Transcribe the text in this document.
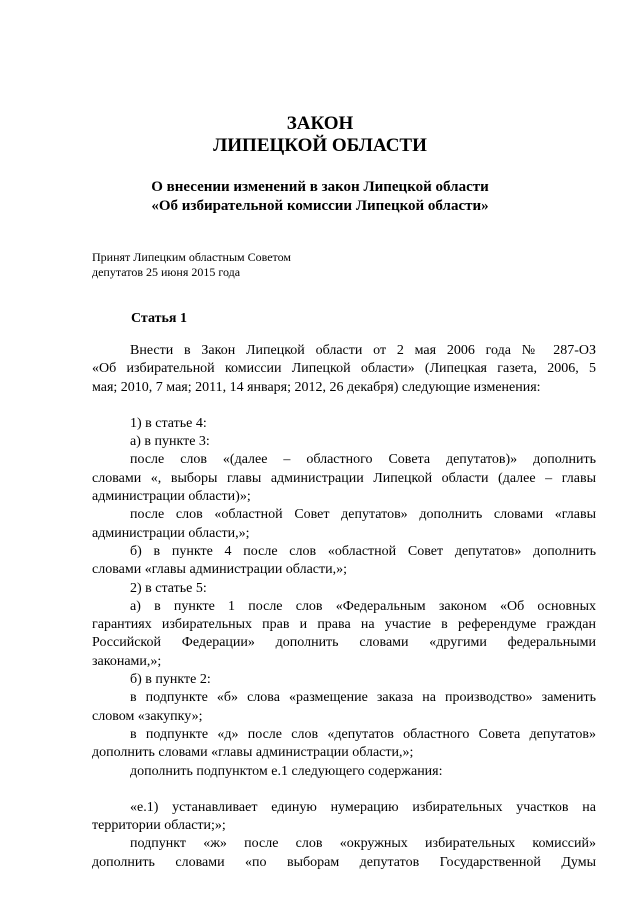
ЗАКОН
ЛИПЕЦКОЙ ОБЛАСТИ
О внесении изменений в закон Липецкой области
«Об избирательной комиссии Липецкой области»
Принят Липецким областным Советом
депутатов 25 июня 2015 года
Статья 1
Внести в Закон Липецкой области от 2 мая 2006 года № 287-ОЗ
«Об избирательной комиссии Липецкой области» (Липецкая газета, 2006, 5
мая; 2010, 7 мая; 2011, 14 января; 2012, 26 декабря) следующие изменения:
1) в статье 4:
а) в пункте 3:
после слов «(далее – областного Совета депутатов)» дополнить
словами «, выборы главы администрации Липецкой области (далее – главы
администрации области)»;
после слов «областной Совет депутатов» дополнить словами «главы
администрации области,»;
б) в пункте 4 после слов «областной Совет депутатов» дополнить
словами «главы администрации области,»;
2) в статье 5:
а) в пункте 1 после слов «Федеральным законом «Об основных
гарантиях избирательных прав и права на участие в референдуме граждан
Российской Федерации» дополнить словами «другими федеральными
законами,»;
б) в пункте 2:
в подпункте «б» слова «размещение заказа на производство» заменить
словом «закупку»;
в подпункте «д» после слов «депутатов областного Совета депутатов»
дополнить словами «главы администрации области,»;
дополнить подпунктом е.1 следующего содержания:
«е.1) устанавливает единую нумерацию избирательных участков на
территории области;»;
подпункт «ж» после слов «окружных избирательных комиссий»
дополнить словами «по выборам депутатов Государственной Думы
